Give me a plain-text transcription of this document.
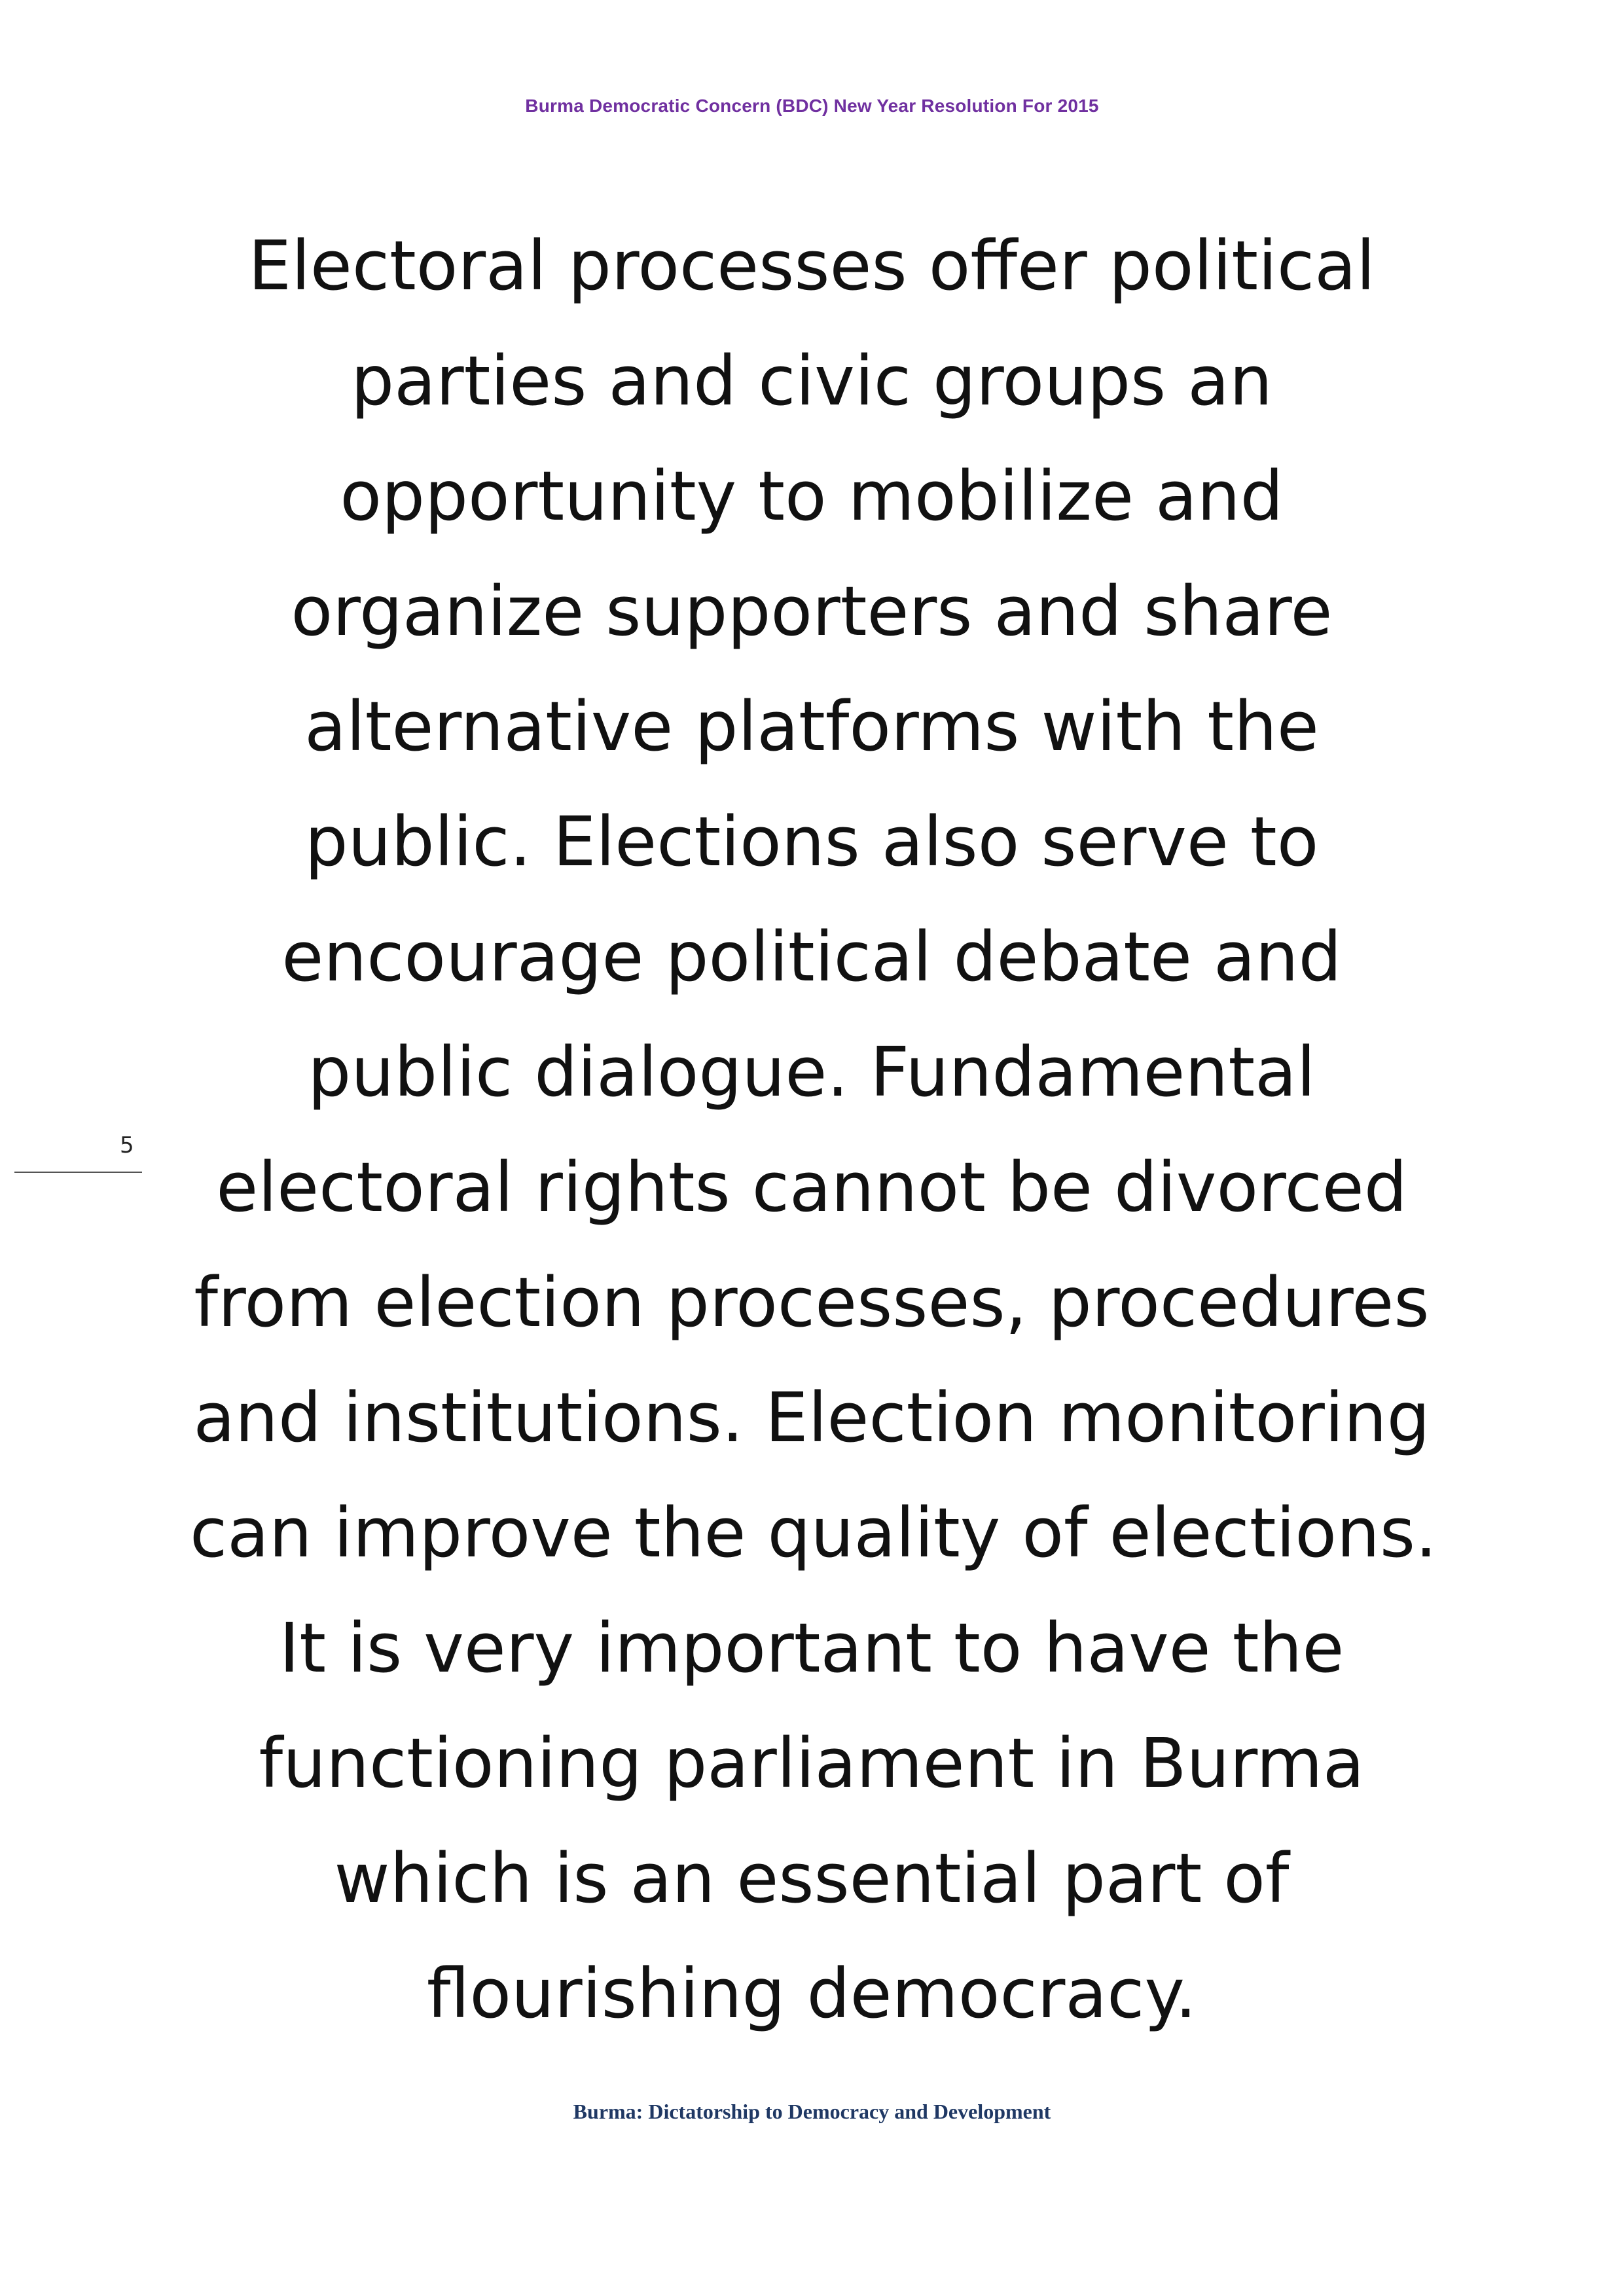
Burma Democratic Concern (BDC) New Year Resolution For 2015
Electoral processes offer political
parties and civic groups an
opportunity to mobilize and
organize supporters and share
alternative platforms with the
public. Elections also serve to
encourage political debate and
public dialogue. Fundamental
electoral rights cannot be divorced
from election processes, procedures
and institutions. Election monitoring
can improve the quality of elections.
It is very important to have the
functioning parliament in Burma
which is an essential part of
flourishing democracy.
5
Burma: Dictatorship to Democracy and Development
